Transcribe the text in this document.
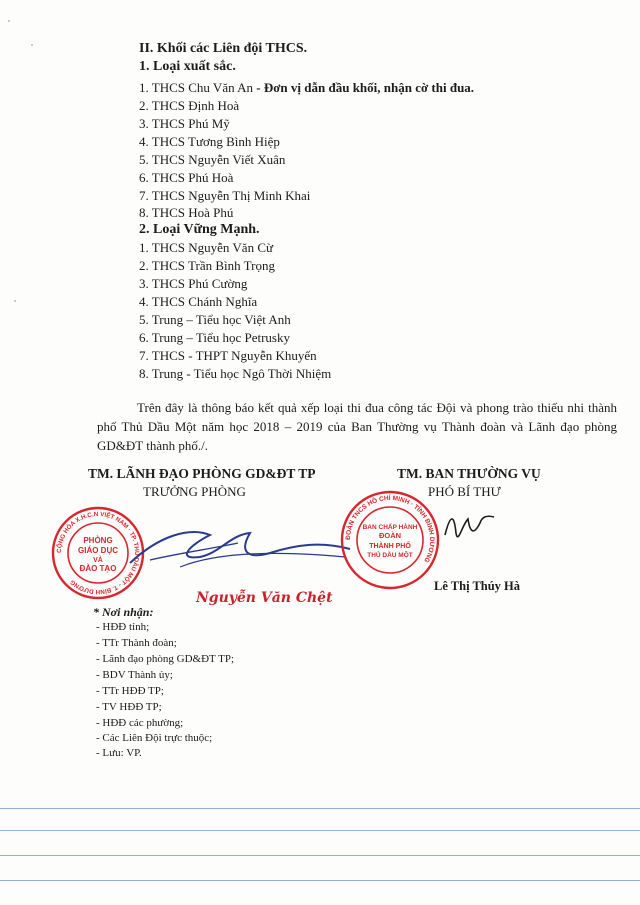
II. Khối các Liên đội THCS.
1. Loại xuất sắc.
1. THCS Chu Văn An - Đơn vị dẫn đầu khối, nhận cờ thi đua.
2. THCS Định Hoà
3. THCS Phú Mỹ
4. THCS Tương Bình Hiệp
5. THCS Nguyễn Viết Xuân
6. THCS Phú Hoà
7. THCS Nguyễn Thị Minh Khai
8. THCS Hoà Phú
2. Loại Vững Mạnh.
1. THCS Nguyễn Văn Cừ
2. THCS Trần Bình Trọng
3. THCS Phú Cường
4. THCS Chánh Nghĩa
5. Trung – Tiểu học Việt Anh
6. Trung – Tiểu học Petrusky
7. THCS - THPT Nguyễn Khuyến
8. Trung - Tiểu học Ngô Thời Nhiệm
Trên đây là thông báo kết quả xếp loại thi đua công tác Đội và phong trào thiếu nhi thành phố Thủ Dầu Một năm học 2018 – 2019 của Ban Thường vụ Thành đoàn và Lãnh đạo phòng GD&ĐT thành phố./.
TM. LÃNH ĐẠO PHÒNG GD&ĐT TP
TRƯỞNG PHÒNG
TM. BAN THƯỜNG VỤ
PHÓ BÍ THƯ
CỘNG HÒA X.H.C.N VIỆT NAM · TP. THỦ DẦU MỘT - T. BÌNH DƯƠNG
PHÒNG
GIÁO DỤC
VÀ
ĐÀO TẠO
Nguyễn Văn Chệt
ĐOÀN TNCS HỒ CHÍ MINH · TỈNH BÌNH DƯƠNG
BAN CHẤP HÀNH
ĐOÀN
THÀNH PHỐ
THỦ DẦU MỘT
Lê Thị Thúy Hà
* Nơi nhận:
- HĐĐ tỉnh;
- TTr Thành đoàn;
- Lãnh đạo phòng GD&ĐT TP;
- BDV Thành ủy;
- TTr HĐĐ TP;
- TV HĐĐ TP;
- HĐĐ các phường;
- Các Liên Đội trực thuộc;
- Lưu: VP.
